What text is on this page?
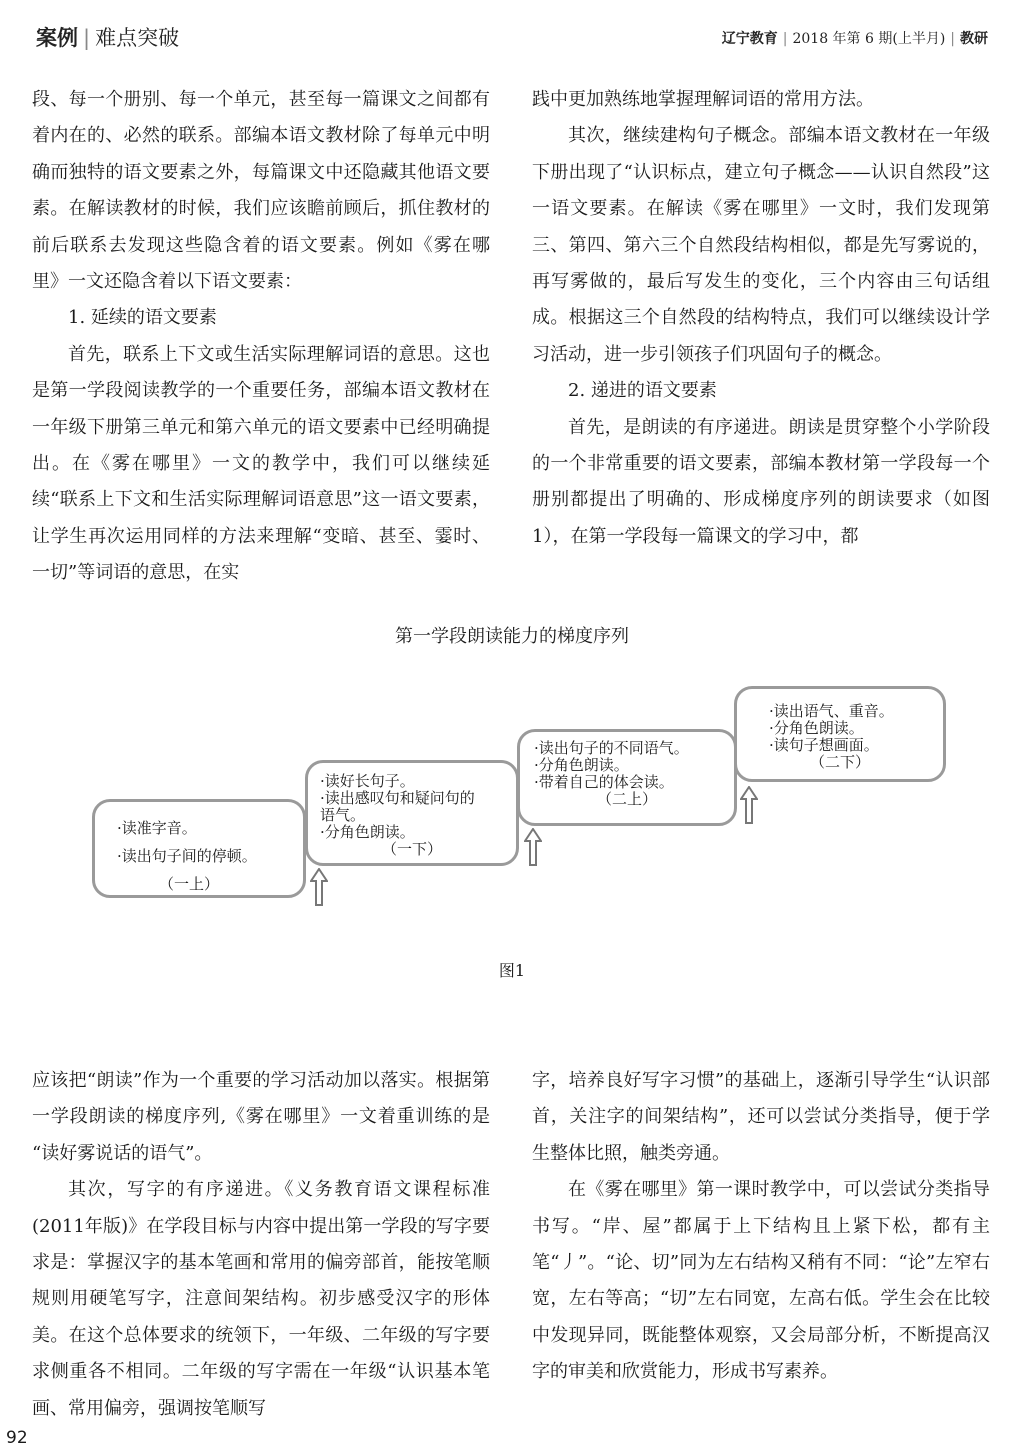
案例 | 难点突破	辽宁教育 | 2018 年第 6 期(上半月) | 教研

段、每一个册别、每一个单元，甚至每一篇课文之间都有着内在的、必然的联系。部编本语文教材除了每单元中明确而独特的语文要素之外，每篇课文中还隐藏其他语文要素。在解读教材的时候，我们应该瞻前顾后，抓住教材的前后联系去发现这些隐含着的语文要素。例如《雾在哪里》一文还隐含着以下语文要素：

1. 延续的语文要素

首先，联系上下文或生活实际理解词语的意思。这也是第一学段阅读教学的一个重要任务，部编本语文教材在一年级下册第三单元和第六单元的语文要素中已经明确提出。在《雾在哪里》一文的教学中，我们可以继续延续“联系上下文和生活实际理解词语意思”这一语文要素，让学生再次运用同样的方法来理解“变暗、甚至、霎时、一切”等词语的意思，在实

践中更加熟练地掌握理解词语的常用方法。

其次，继续建构句子概念。部编本语文教材在一年级下册出现了“认识标点，建立句子概念——认识自然段”这一语文要素。在解读《雾在哪里》一文时，我们发现第三、第四、第六三个自然段结构相似，都是先写雾说的，再写雾做的，最后写发生的变化，三个内容由三句话组成。根据这三个自然段的结构特点，我们可以继续设计学习活动，进一步引领孩子们巩固句子的概念。

2. 递进的语文要素

首先，是朗读的有序递进。朗读是贯穿整个小学阶段的一个非常重要的语文要素，部编本教材第一学段每一个册别都提出了明确的、形成梯度序列的朗读要求（如图1），在第一学段每一篇课文的学习中，都

第一学段朗读能力的梯度序列
·读准字音。
·读出句子间的停顿。
（一上）
·读好长句子。
·读出感叹句和疑问句的
语气。
·分角色朗读。
（一下）
·读出句子的不同语气。
·分角色朗读。
·带着自己的体会读。
（二上）
·读出语气、重音。
·分角色朗读。
·读句子想画面。
（二下）
图1

应该把“朗读”作为一个重要的学习活动加以落实。根据第一学段朗读的梯度序列,《雾在哪里》一文着重训练的是 “读好雾说话的语气”。

其次，写字的有序递进。《义务教育语文课程标准(2011年版)》在学段目标与内容中提出第一学段的写字要求是：掌握汉字的基本笔画和常用的偏旁部首，能按笔顺规则用硬笔写字，注意间架结构。初步感受汉字的形体美。在这个总体要求的统领下，一年级、二年级的写字要求侧重各不相同。二年级的写字需在一年级“认识基本笔画、常用偏旁，强调按笔顺写

字，培养良好写字习惯”的基础上，逐渐引导学生“认识部首，关注字的间架结构”，还可以尝试分类指导，便于学生整体比照，触类旁通。

在《雾在哪里》第一课时教学中，可以尝试分类指导书写。“岸、屋”都属于上下结构且上紧下松，都有主笔“丿”。“论、切”同为左右结构又稍有不同：“论”左窄右宽，左右等高；“切”左右同宽，左高右低。学生会在比较中发现异同，既能整体观察，又会局部分析，不断提高汉字的审美和欣赏能力，形成书写素养。

92
